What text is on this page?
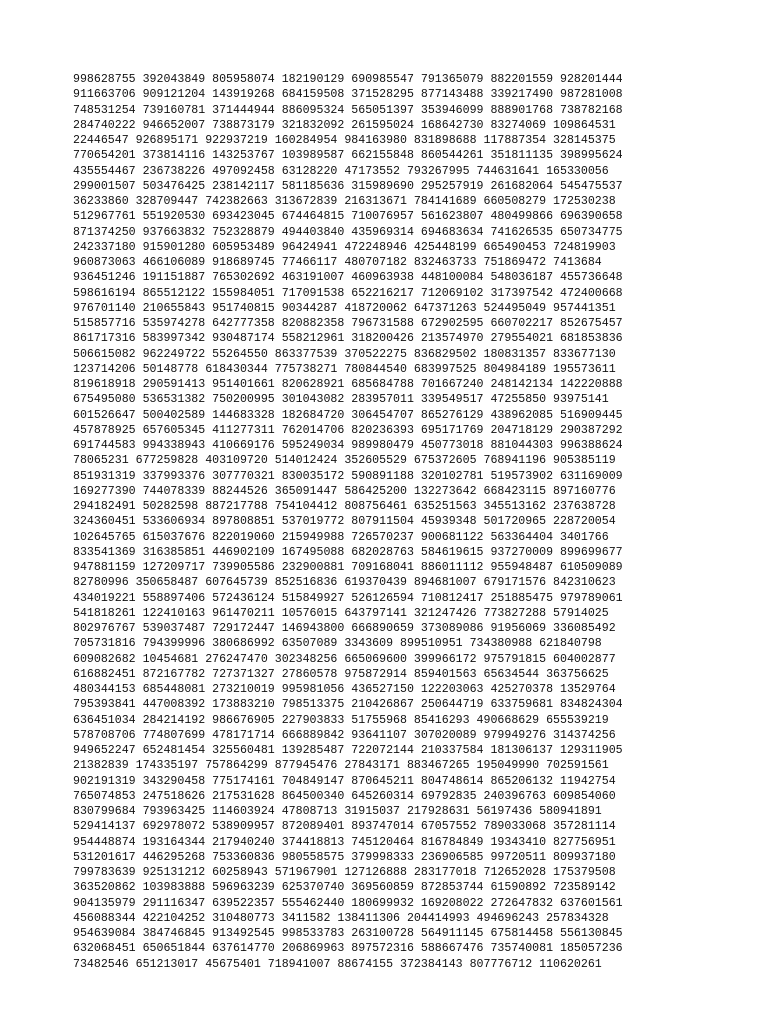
998628755 392043849 805958074 182190129 690985547 791365079 882201559 928201444
911663706 909121204 143919268 684159508 371528295 877143488 339217490 987281008
748531254 739160781 371444944 886095324 565051397 353946099 888901768 738782168
284740222 946652007 738873179 321832092 261595024 168642730 83274069 109864531
22446547 926895171 922937219 160284954 984163980 831898688 117887354 328145375
770654201 373814116 143253767 103989587 662155848 860544261 351811135 398995624
435554467 236738226 497092458 63128220 47173552 793267995 744631641 165330056
299001507 503476425 238142117 581185636 315989690 295257919 261682064 545475537
36233860 328709447 742382663 313672839 216313671 784141689 660508279 172530238
512967761 551920530 693423045 674464815 710076957 561623807 480499866 696390658
871374250 937663832 752328879 494403840 435969314 694683634 741626535 650734775
242337180 915901280 605953489 96424941 472248946 425448199 665490453 724819903
960873063 466106089 918689745 77466117 480707182 832463733 751869472 7413684
936451246 191151887 765302692 463191007 460963938 448100084 548036187 455736648
598616194 865512122 155984051 717091538 652216217 712069102 317397542 472400668
976701140 210655843 951740815 90344287 418720062 647371263 524495049 957441351
515857716 535974278 642777358 820882358 796731588 672902595 660702217 852675457
861717316 583997342 930487174 558212961 318200426 213574970 279554021 681853836
506615082 962249722 55264550 863377539 370522275 836829502 180831357 833677130
123714206 50148778 618430344 775738271 780844540 683997525 804984189 195573611
819618918 290591413 951401661 820628921 685684788 701667240 248142134 142220888
675495080 536531382 750200995 301043082 283957011 339549517 47255850 93975141
601526647 500402589 144683328 182684720 306454707 865276129 438962085 516909445
457878925 657605345 411277311 762014706 820236393 695171769 204718129 290387292
691744583 994338943 410669176 595249034 989980479 450773018 881044303 996388624
78065231 677259828 403109720 514012424 352605529 675372605 768941196 905385119
851931319 337993376 307770321 830035172 590891188 320102781 519573902 631169009
169277390 744078339 88244526 365091447 586425200 132273642 668423115 897160776
294182491 50282598 887217788 754104412 808756461 635251563 345513162 237638728
324360451 533606934 897808851 537019772 807911504 45939348 501720965 228720054
102645765 615037676 822019060 215949988 726570237 900681122 563364404 3401766
833541369 316385851 446902109 167495088 682028763 584619615 937270009 899699677
947881159 127209717 739905586 232900881 709168041 886011112 955948487 610509089
82780996 350658487 607645739 852516836 619370439 894681007 679171576 842310623
434019221 558897406 572436124 515849927 526126594 710812417 251885475 979789061
541818261 122410163 961470211 10576015 643797141 321247426 773827288 57914025
802976767 539037487 729172447 146943800 666890659 373089086 91956069 336085492
705731816 794399996 380686992 63507089 3343609 899510951 734380988 621840798
609082682 10454681 276247470 302348256 665069600 399966172 975791815 604002877
616882451 872167782 727371327 27860578 975872914 859401563 65634544 363756625
480344153 685448081 273210019 995981056 436527150 122203063 425270378 13529764
795393841 447008392 173883210 798513375 210426867 250644719 633759681 834824304
636451034 284214192 986676905 227903833 51755968 85416293 490668629 655539219
578708706 774807699 478171714 666889842 93641107 307020089 979949276 314374256
949652247 652481454 325560481 139285487 722072144 210337584 181306137 129311905
21382839 174335197 757864299 877945476 27843171 883467265 195049990 702591561
902191319 343290458 775174161 704849147 870645211 804748614 865206132 11942754
765074853 247518626 217531628 864500340 645260314 69792835 240396763 609854060
830799684 793963425 114603924 47808713 31915037 217928631 56197436 580941891
529414137 692978072 538909957 872089401 893747014 67057552 789033068 357281114
954448874 193164344 217940240 374418813 745120464 816784849 19343410 827756951
531201617 446295268 753360836 980558575 379998333 236906585 99720511 809937180
799783639 925131212 60258943 571967901 127126888 283177018 712652028 175379508
363520862 103983888 596963239 625370740 369560859 872853744 61590892 723589142
904135979 291116347 639522357 555462440 180699932 169208022 272647832 637601561
456088344 422104252 310480773 3411582 138411306 204414993 494696243 257834328
954639084 384746845 913492545 998533783 263100728 564911145 675814458 556130845
632068451 650651844 637614770 206869963 897572316 588667476 735740081 185057236
73482546 651213017 45675401 718941007 88674155 372384143 807776712 110620261
